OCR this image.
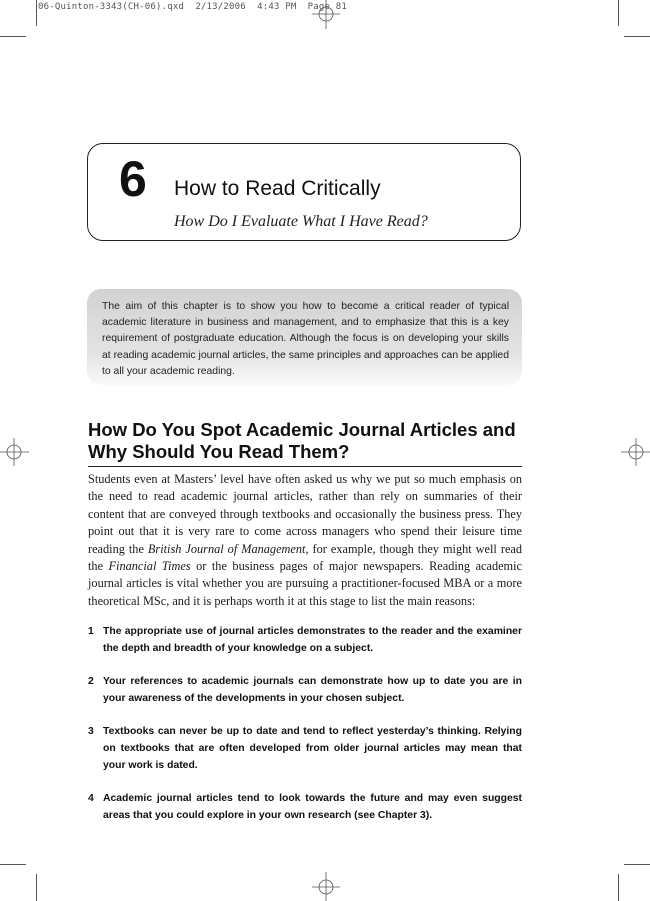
06-Quinton-3343(CH-06).qxd  2/13/2006  4:43 PM  Page 81
6 How to Read Critically
How Do I Evaluate What I Have Read?

The aim of this chapter is to show you how to become a critical reader of typical academic literature in business and management, and to emphasize that this is a key requirement of postgraduate education. Although the focus is on developing your skills at reading academic journal articles, the same principles and approaches can be applied to all your academic reading.

How Do You Spot Academic Journal Articles and Why Should You Read Them?

Students even at Masters’ level have often asked us why we put so much emphasis on the need to read academic journal articles, rather than rely on summaries of their content that are conveyed through textbooks and occasionally the business press. They point out that it is very rare to come across managers who spend their leisure time reading the British Journal of Management, for example, though they might well read the Financial Times or the business pages of major newspapers. Reading academic journal articles is vital whether you are pursuing a practitioner-focused MBA or a more theoretical MSc, and it is perhaps worth it at this stage to list the main reasons:

1 The appropriate use of journal articles demonstrates to the reader and the examiner the depth and breadth of your knowledge on a subject.
2 Your references to academic journals can demonstrate how up to date you are in your awareness of the developments in your chosen subject.
3 Textbooks can never be up to date and tend to reflect yesterday’s thinking. Relying on textbooks that are often developed from older journal articles may mean that your work is dated.
4 Academic journal articles tend to look towards the future and may even suggest areas that you could explore in your own research (see Chapter 3).
